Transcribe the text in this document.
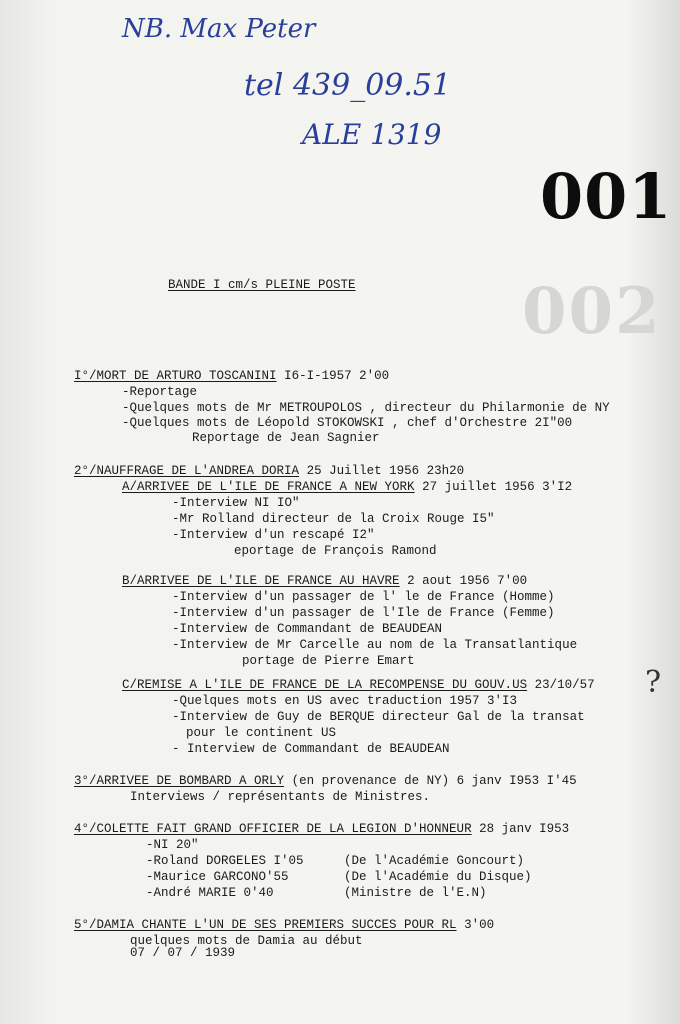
002
NB. Max Peter
tel 439_09.51
ALE 1319
001
BANDE I cm/s PLEINE POSTE
I°/MORT DE ARTURO TOSCANINI I6-I-1957 2'00
-Reportage
-Quelques mots de Mr METROUPOLOS , directeur du Philarmonie de NY
-Quelques mots de Léopold STOKOWSKI , chef d'Orchestre 2I"00
Reportage de Jean Sagnier
2°/NAUFFRAGE DE L'ANDREA DORIA 25 Juillet 1956 23h20
A/ARRIVEE DE L'ILE DE FRANCE A NEW YORK 27 juillet 1956 3'I2
-Interview NI IO"
-Mr Rolland directeur de la Croix Rouge I5"
-Interview d'un rescapé I2"
eportage de François Ramond
B/ARRIVEE DE L'ILE DE FRANCE AU HAVRE 2 aout 1956 7'00
-Interview d'un passager de l' le de France (Homme)
-Interview d'un passager de l'Ile de France (Femme)
-Interview de Commandant de BEAUDEAN
-Interview de Mr Carcelle au nom de la Transatlantique
portage de Pierre Emart
C/REMISE A L'ILE DE FRANCE DE LA RECOMPENSE DU GOUV.US 23/10/57 ?
-Quelques mots en US avec traduction 1957 3'I3
-Interview de Guy de BERQUE directeur Gal de la transat
pour le continent US
- Interview de Commandant de BEAUDEAN
3°/ARRIVEE DE BOMBARD A ORLY (en provenance de NY) 6 janv I953 I'45
Interviews / représentants de Ministres.
4°/COLETTE FAIT GRAND OFFICIER DE LA LEGION D'HONNEUR 28 janv I953
-NI 20"
-Roland DORGELES I'05
-Maurice GARCONO'55
-André MARIE 0'40
(De l'Académie Goncourt)
(De l'Académie du Disque)
(Ministre de l'E.N)
5°/DAMIA CHANTE L'UN DE SES PREMIERS SUCCES POUR RL 3'00
quelques mots de Damia au début
07 / 07 / 1939
